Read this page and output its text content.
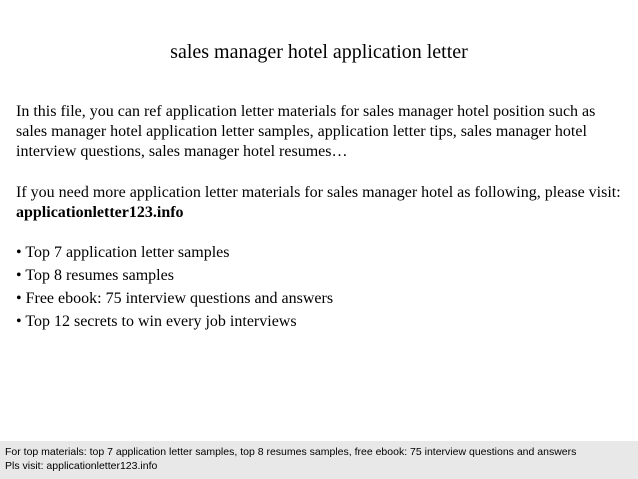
sales manager hotel application letter
In this file, you can ref application letter materials for sales manager hotel position such as sales manager hotel application letter samples, application letter tips, sales manager hotel interview questions, sales manager hotel resumes…
If you need more application letter materials for sales manager hotel as following, please visit: applicationletter123.info
• Top 7 application letter samples
• Top 8 resumes samples
• Free ebook: 75 interview questions and answers
• Top 12 secrets to win every job interviews
For top materials: top 7 application letter samples, top 8 resumes samples, free ebook: 75 interview questions and answers
Pls visit: applicationletter123.info
